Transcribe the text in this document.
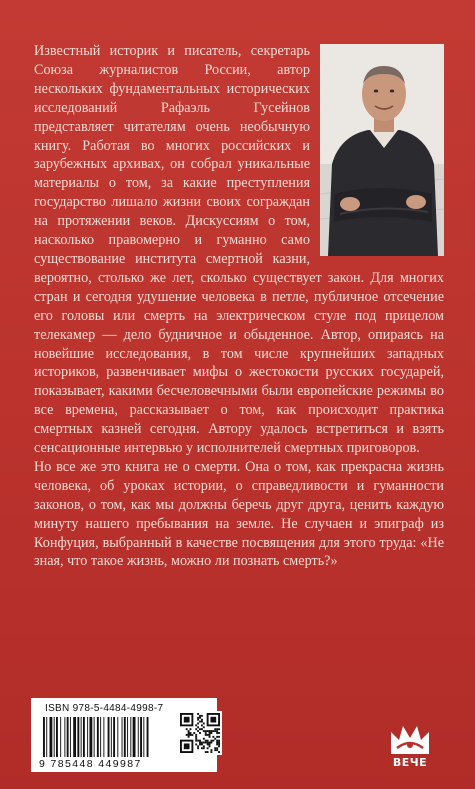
Известный историк и писатель, секретарь Союза журналистов России, автор нескольких фундаментальных исторических исследований Рафаэль Гусейнов представляет читателям очень необычную книгу. Работая во многих российских и зарубежных архивах, он собрал уникальные материалы о том, за какие преступления государство лишало жизни своих сограждан на протяжении веков. Дискуссиям о том, насколько правомерно и гуманно само существование института смертной казни, вероятно, столько же лет, сколько существует закон. Для многих стран и сегодня удушение человека в петле, публичное отсечение его головы или смерть на электрическом стуле под прицелом телекамер — дело будничное и обыденное. Автор, опираясь на новейшие исследования, в том числе крупнейших западных историков, развенчивает мифы о жестокости русских государей, показывает, какими бесчеловечными были европейские режимы во все времена, рассказывает о том, как происходит практика смертных казней сегодня. Автору удалось встретиться и взять сенсационные интервью у исполнителей смертных приговоров.

Но все же это книга не о смерти. Она о том, как прекрасна жизнь человека, об уроках истории, о справедливости и гуманности законов, о том, как мы должны беречь друг друга, ценить каждую минуту нашего пребывания на земле. Не случаен и эпиграф из Конфуция, выбранный в качестве посвящения для этого труда: «Не зная, что такое жизнь, можно ли познать смерть?»

ISBN 978-5-4484-4998-7
9 785448 449987	ВЕЧЕ
